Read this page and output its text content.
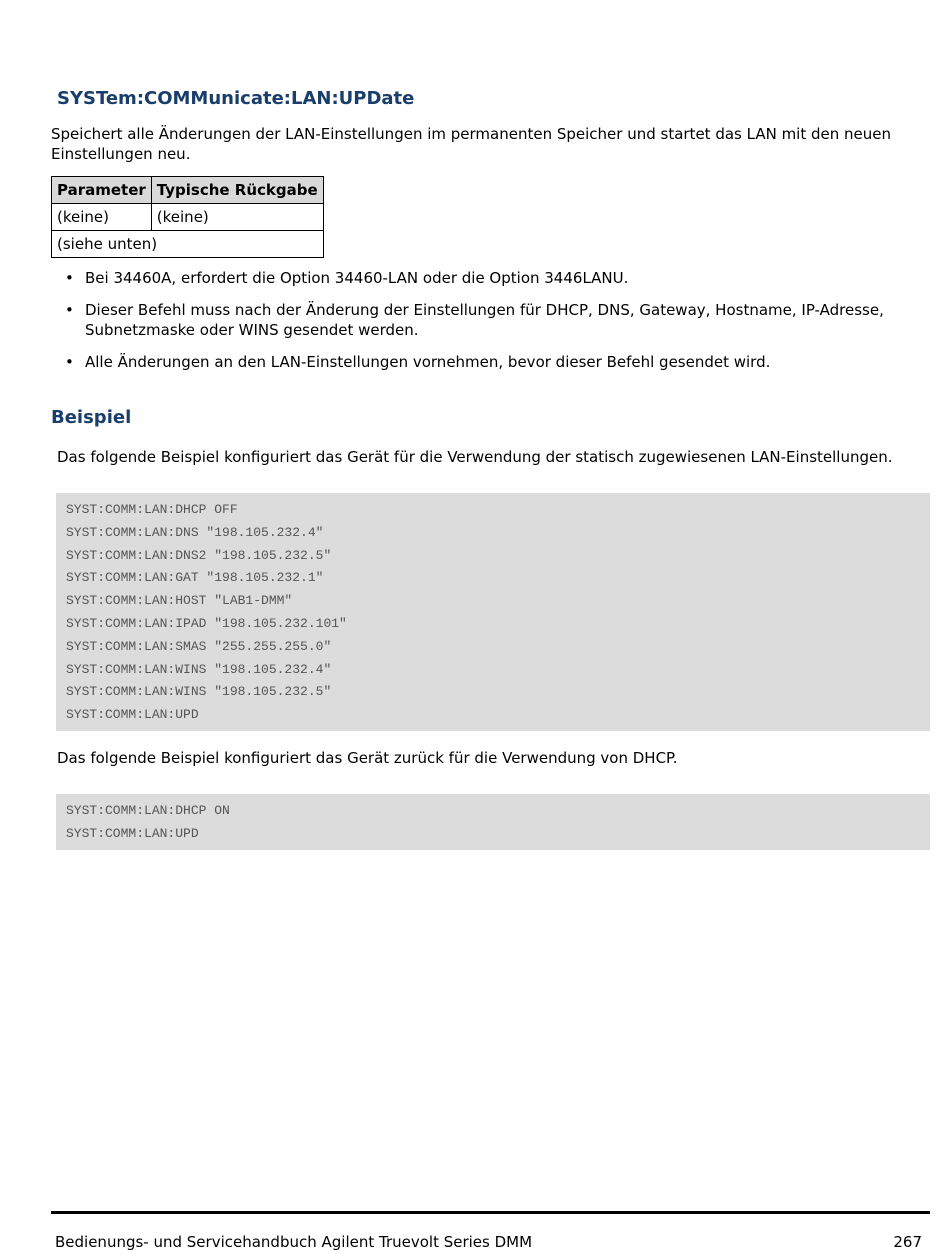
SYSTem:COMMunicate:LAN:UPDate

Speichert alle Änderungen der LAN-Einstellungen im permanenten Speicher und startet das LAN mit den neuen Einstellungen neu.

Parameter	Typische Rückgabe
(keine)	(keine)
(siehe unten)	
• Bei 34460A, erfordert die Option 34460-LAN oder die Option 3446LANU.
• Dieser Befehl muss nach der Änderung der Einstellungen für DHCP, DNS, Gateway, Hostname, IP-Adresse, Subnetzmaske oder WINS gesendet werden.
• Alle Änderungen an den LAN-Einstellungen vornehmen, bevor dieser Befehl gesendet wird.
Beispiel

Das folgende Beispiel konfiguriert das Gerät für die Verwendung der statisch zugewiesenen LAN-Einstellungen.

SYST:COMM:LAN:DHCP OFF
SYST:COMM:LAN:DNS "198.105.232.4"
SYST:COMM:LAN:DNS2 "198.105.232.5"
SYST:COMM:LAN:GAT "198.105.232.1"
SYST:COMM:LAN:HOST "LAB1-DMM"
SYST:COMM:LAN:IPAD "198.105.232.101"
SYST:COMM:LAN:SMAS "255.255.255.0"
SYST:COMM:LAN:WINS "198.105.232.4"
SYST:COMM:LAN:WINS "198.105.232.5"
SYST:COMM:LAN:UPD

Das folgende Beispiel konfiguriert das Gerät zurück für die Verwendung von DHCP.

SYST:COMM:LAN:DHCP ON
SYST:COMM:LAN:UPD
Bedienungs- und Servicehandbuch Agilent Truevolt Series DMM	267
